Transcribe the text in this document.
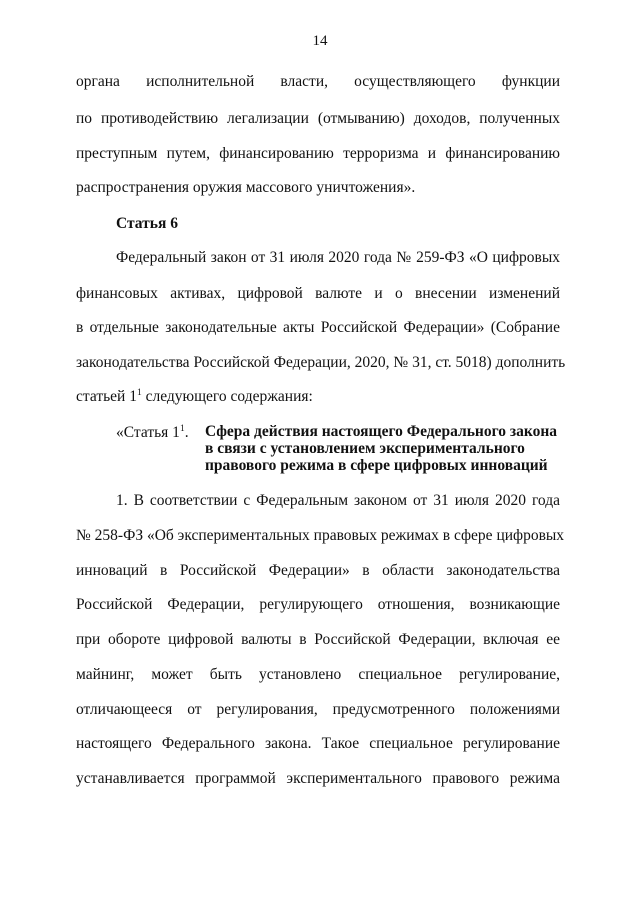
14
органа исполнительной власти, осуществляющего функции
по противодействию легализации (отмыванию) доходов, полученных
преступным путем, финансированию терроризма и финансированию
распространения оружия массового уничтожения».
Статья 6
Федеральный закон от 31 июля 2020 года № 259-ФЗ «О цифровых
финансовых активах, цифровой валюте и о внесении изменений
в отдельные законодательные акты Российской Федерации» (Собрание
законодательства Российской Федерации, 2020, № 31, ст. 5018) дополнить
статьей $1^1$ следующего содержания:
«Статья $1^1$. Сфера действия настоящего Федерального закона
в связи с установлением экспериментального
правового режима в сфере цифровых инноваций
1. В соответствии с Федеральным законом от 31 июля 2020 года
№ 258-ФЗ «Об экспериментальных правовых режимах в сфере цифровых
инноваций в Российской Федерации» в области законодательства
Российской Федерации, регулирующего отношения, возникающие
при обороте цифровой валюты в Российской Федерации, включая ее
майнинг, может быть установлено специальное регулирование,
отличающееся от регулирования, предусмотренного положениями
настоящего Федерального закона. Такое специальное регулирование
устанавливается программой экспериментального правового режима
